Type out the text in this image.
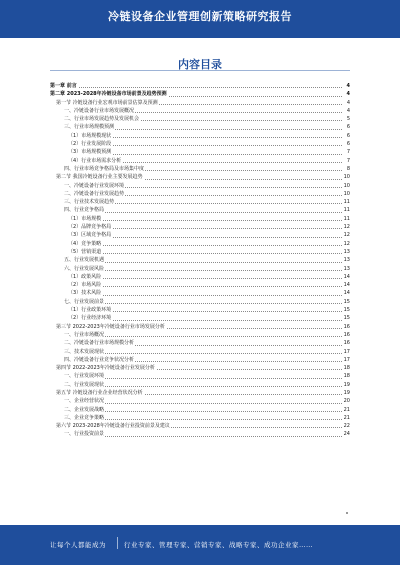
冷链设备企业管理创新策略研究报告
内容目录
第一章 前言	4
第二章 2023-2028年冷链设备市场前景及趋势预测	4
第一节 冷链设备行业宏观市场前景估算及预测	4
一、冷链设备行业市场发展概况	4
二、行业市场发展趋势及发展机会	5
三、行业市场规模预测	6
（1）市场规模现状	6
（2）行业发展阶段	6
（3）市场规模预测	7
（4）行业市场需求分析	7
四、行业市场竞争格局及市场集中度	8
第二节 我国冷链设备行业主要发展趋势	10
一、冷链设备行业发展环境	10
二、冷链设备行业发展趋势	10
三、行业技术发展趋势	11
四、行业竞争格局	11
（1）市场规模	11
（2）品牌竞争格局	12
（3）区域竞争格局	12
（4）竞争策略	12
（5）营销渠道	13
五、行业发展机遇	13
六、行业发展风险	13
（1）政策风险	14
（2）市场风险	14
（3）技术风险	14
七、行业发展前景	15
（1）行业政策环境	15
（2）行业经济环境	15
第三节 2022-2023年冷链设备行业市场发展分析	16
一、行业市场概况	16
二、冷链设备行业市场规模分析	16
三、技术发展现状	17
四、冷链设备行业竞争状况分析	17
第四节 2022-2023年冷链设备行业发展分析	18
一、行业发展环境	18
二、行业发展现状	19
第五节 冷链设备行业企业经营状况分析	19
一、企业经营状况	20
二、企业发展战略	21
三、企业竞争策略	21
第六节 2023-2028年冷链设备行业投资前景及建议	22
一、行业投资前景	24
让每个人都能成为	行业专家、管理专家、营销专家、战略专家、成功企业家……
